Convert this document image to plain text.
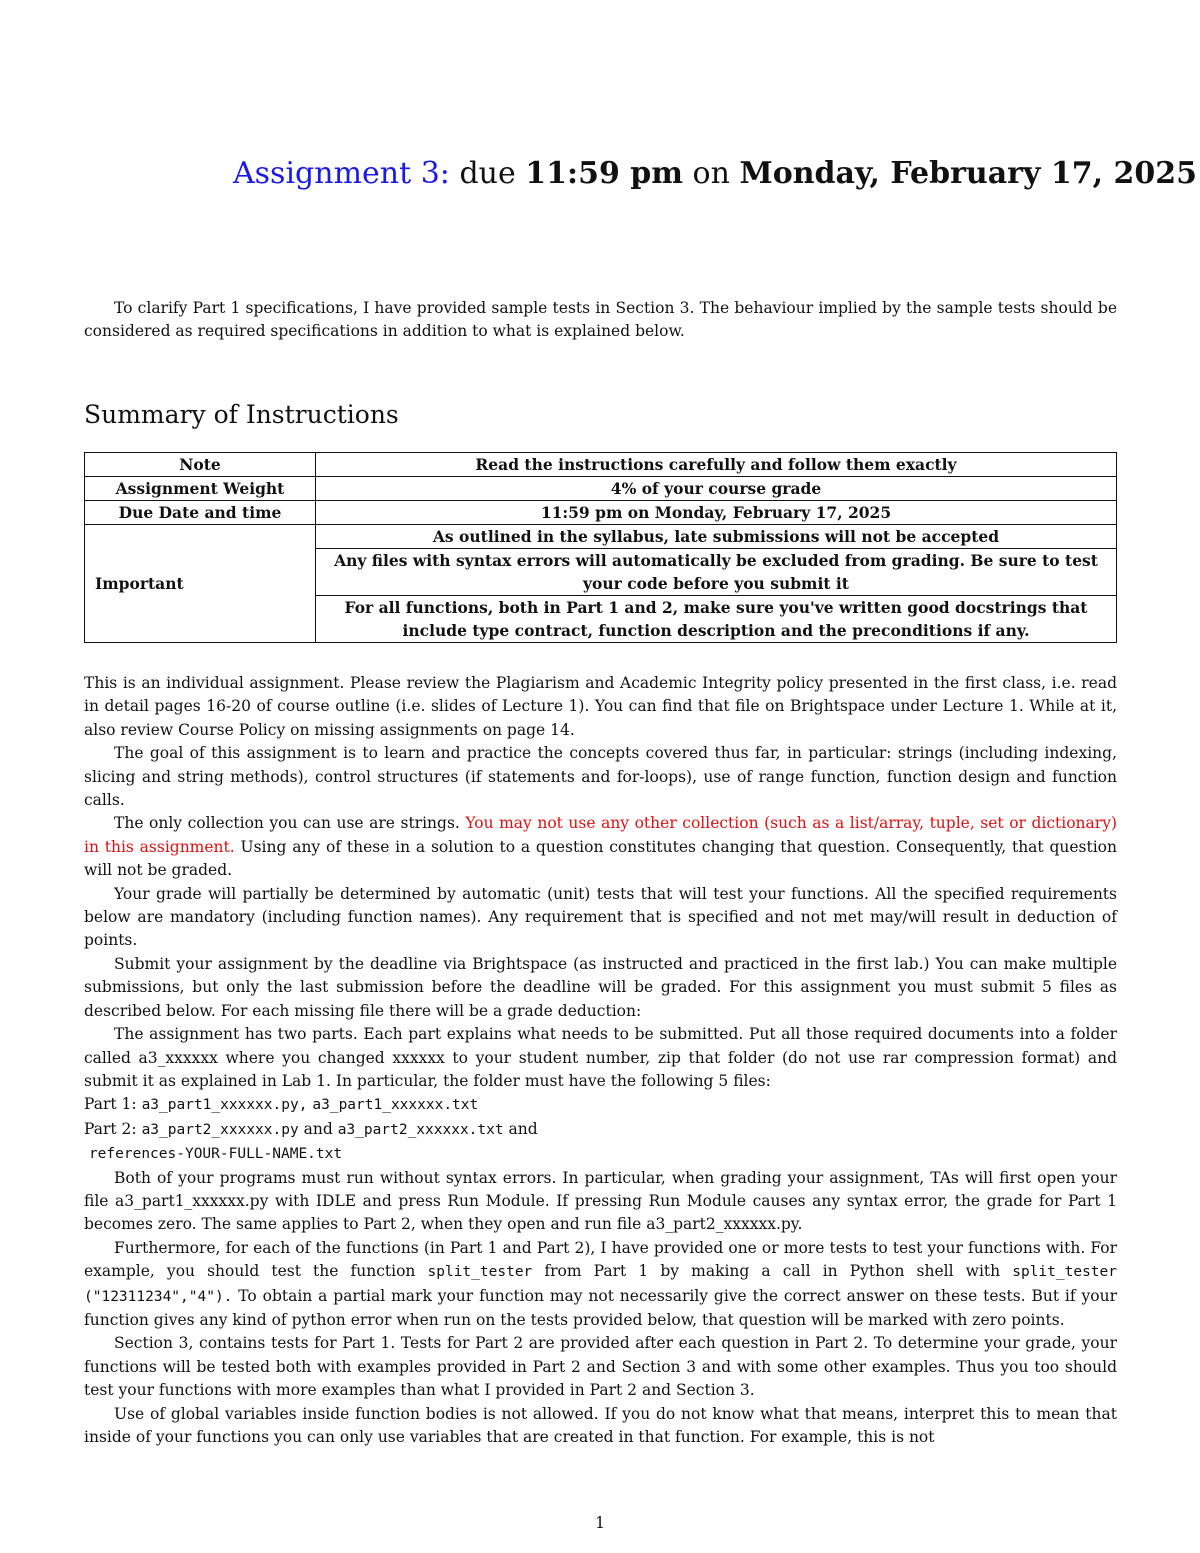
Assignment 3: due 11:59 pm on Monday, February 17, 2025
To clarify Part 1 specifications, I have provided sample tests in Section 3. The behaviour implied by the sample tests should be considered as required specifications in addition to what is explained below.
Summary of Instructions
Note	Read the instructions carefully and follow them exactly
Assignment Weight	4% of your course grade
Due Date and time	11:59 pm on Monday, February 17, 2025
Important	As outlined in the syllabus, late submissions will not be accepted
	Any files with syntax errors will automatically be excluded from grading. Be sure to test your code before you submit it
	For all functions, both in Part 1 and 2, make sure you've written good docstrings that include type contract, function description and the preconditions if any.

This is an individual assignment. Please review the Plagiarism and Academic Integrity policy presented in the first class, i.e. read in detail pages 16-20 of course outline (i.e. slides of Lecture 1). You can find that file on Brightspace under Lecture 1. While at it, also review Course Policy on missing assignments on page 14.

The goal of this assignment is to learn and practice the concepts covered thus far, in particular: strings (including indexing, slicing and string methods), control structures (if statements and for-loops), use of range function, function design and function calls.

The only collection you can use are strings. You may not use any other collection (such as a list/array, tuple, set or dictionary) in this assignment. Using any of these in a solution to a question constitutes changing that question. Consequently, that question will not be graded.

Your grade will partially be determined by automatic (unit) tests that will test your functions. All the specified requirements below are mandatory (including function names). Any requirement that is specified and not met may/will result in deduction of points.

Submit your assignment by the deadline via Brightspace (as instructed and practiced in the first lab.) You can make multiple submissions, but only the last submission before the deadline will be graded. For this assignment you must submit 5 files as described below. For each missing file there will be a grade deduction:

The assignment has two parts. Each part explains what needs to be submitted. Put all those required documents into a folder called a3_xxxxxx where you changed xxxxxx to your student number, zip that folder (do not use rar compression format) and submit it as explained in Lab 1. In particular, the folder must have the following 5 files:

Part 1: a3_part1_xxxxxx.py, a3_part1_xxxxxx.txt

Part 2: a3_part2_xxxxxx.py and a3_part2_xxxxxx.txt and

references-YOUR-FULL-NAME.txt

Both of your programs must run without syntax errors. In particular, when grading your assignment, TAs will first open your file a3_part1_xxxxxx.py with IDLE and press Run Module. If pressing Run Module causes any syntax error, the grade for Part 1 becomes zero. The same applies to Part 2, when they open and run file a3_part2_xxxxxx.py.

Furthermore, for each of the functions (in Part 1 and Part 2), I have provided one or more tests to test your functions with. For example, you should test the function split_tester from Part 1 by making a call in Python shell with split_tester ("12311234","4"). To obtain a partial mark your function may not necessarily give the correct answer on these tests. But if your function gives any kind of python error when run on the tests provided below, that question will be marked with zero points.

Section 3, contains tests for Part 1. Tests for Part 2 are provided after each question in Part 2. To determine your grade, your functions will be tested both with examples provided in Part 2 and Section 3 and with some other examples. Thus you too should test your functions with more examples than what I provided in Part 2 and Section 3.

Use of global variables inside function bodies is not allowed. If you do not know what that means, interpret this to mean that inside of your functions you can only use variables that are created in that function. For example, this is not

1
